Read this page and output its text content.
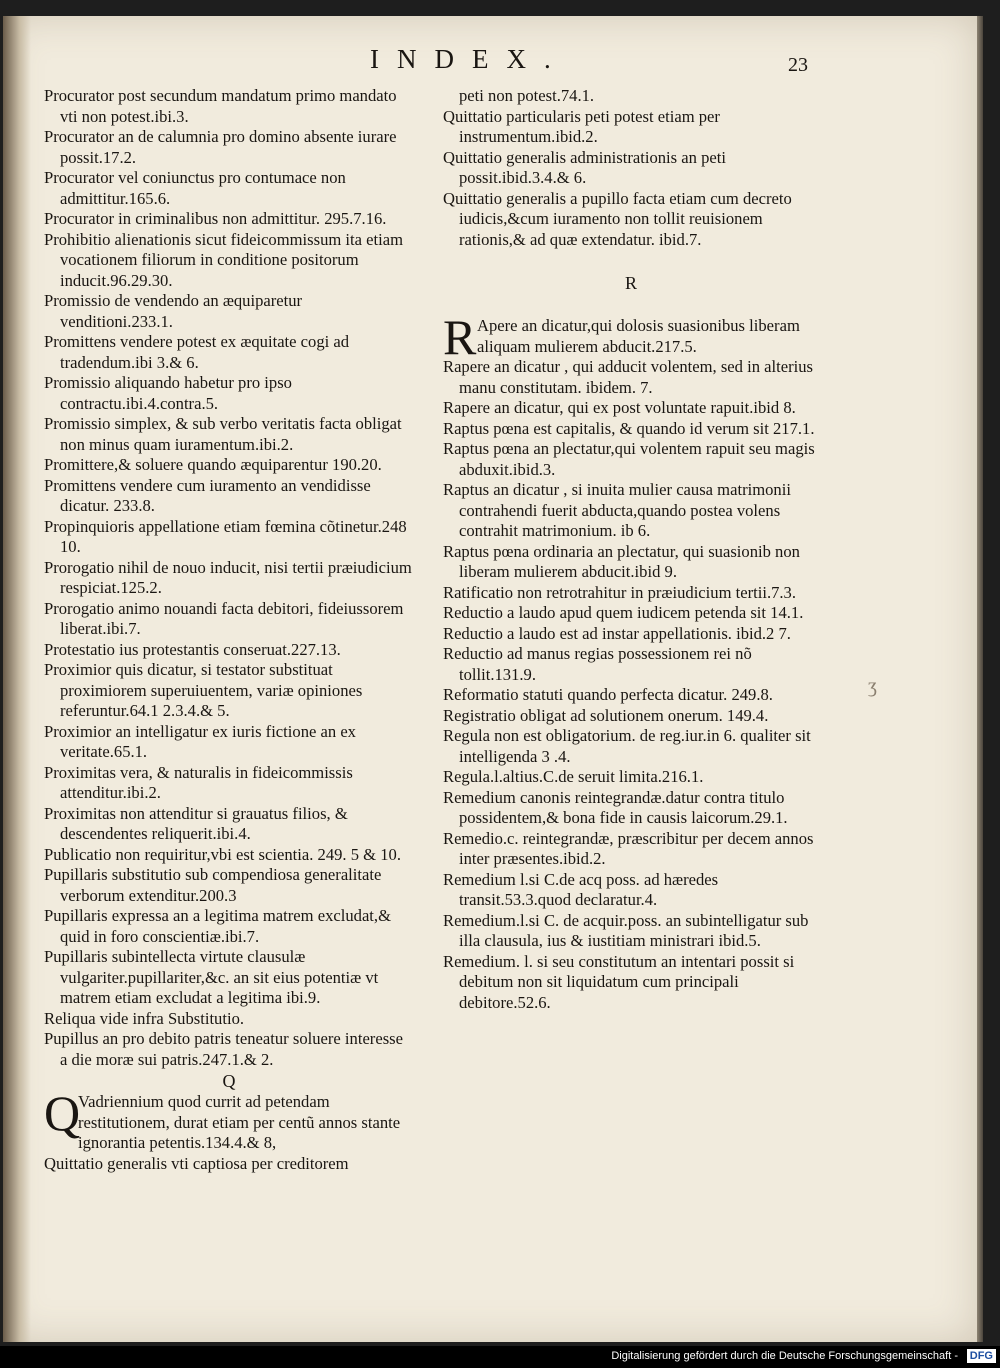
INDEX.	23
Procurator post secundum mandatum primo mandato vti non potest.ibi.3.
Procurator an de calumnia pro domino absente iurare possit.17.2.
Procurator vel coniunctus pro contumace non admittitur.165.6.
Procurator in criminalibus non admittitur. 295.7.16.
Prohibitio alienationis sicut fideicommissum ita etiam vocationem filiorum in conditione positorum inducit.96.29.30.
Promissio de vendendo an æquiparetur venditioni.233.1.
Promittens vendere potest ex æquitate cogi ad tradendum.ibi 3.& 6.
Promissio aliquando habetur pro ipso contractu.ibi.4.contra.5.
Promissio simplex, & sub verbo veritatis facta obligat non minus quam iuramentum.ibi.2.
Promittere,& soluere quando æquiparentur 190.20.
Promittens vendere cum iuramento an vendidisse dicatur. 233.8.
Propinquioris appellatione etiam fœmina cõtinetur.248 10.
Prorogatio nihil de nouo inducit, nisi tertii præiudicium respiciat.125.2.
Prorogatio animo nouandi facta debitori, fideiussorem liberat.ibi.7.
Protestatio ius protestantis conseruat.227.13.
Proximior quis dicatur, si testator substituat proximiorem superuiuentem, variæ opiniones referuntur.64.1 2.3.4.& 5.
Proximior an intelligatur ex iuris fictione an ex veritate.65.1.
Proximitas vera, & naturalis in fideicommissis attenditur.ibi.2.
Proximitas non attenditur si grauatus filios, & descendentes reliquerit.ibi.4.
Publicatio non requiritur,vbi est scientia. 249. 5 & 10.
Pupillaris substitutio sub compendiosa generalitate verborum extenditur.200.3
Pupillaris expressa an a legitima matrem excludat,& quid in foro conscientiæ.ibi.7.
Pupillaris subintellecta virtute clausulæ vulgariter.pupillariter,&c. an sit eius potentiæ vt matrem etiam excludat a legitima ibi.9.
Reliqua vide infra Substitutio.
Pupillus an pro debito patris teneatur soluere interesse a die moræ sui patris.247.1.& 2.
Q
Q
Vadriennium quod currit ad petendam restitutionem, durat etiam per centũ annos stante ignorantia petentis.134.4.& 8,
Quittatio generalis vti captiosa per creditorem
peti non potest.74.1.
Quittatio particularis peti potest etiam per instrumentum.ibid.2.
Quittatio generalis administrationis an peti possit.ibid.3.4.& 6.
Quittatio generalis a pupillo facta etiam cum decreto iudicis,&cum iuramento non tollit reuisionem rationis,& ad quæ extendatur. ibid.7.
R
R Apere an dicatur,qui dolosis suasionibus liberam aliquam mulierem abducit.217.5.
Rapere an dicatur , qui adducit volentem, sed in alterius manu constitutam. ibidem. 7.
Rapere an dicatur, qui ex post voluntate rapuit.ibid 8.
Raptus pœna est capitalis, & quando id verum sit 217.1.
Raptus pœna an plectatur,qui volentem rapuit seu magis abduxit.ibid.3.
Raptus an dicatur , si inuita mulier causa matrimonii contrahendi fuerit abducta,quando postea volens contrahit matrimonium. ib 6.
Raptus pœna ordinaria an plectatur, qui suasionib non liberam mulierem abducit.ibid 9.
Ratificatio non retrotrahitur in præiudicium tertii.7.3.
Reductio a laudo apud quem iudicem petenda sit 14.1.
Reductio a laudo est ad instar appellationis. ibid.2 7.
Reductio ad manus regias possessionem rei nõ tollit.131.9.
Reformatio statuti quando perfecta dicatur. 249.8.
Registratio obligat ad solutionem onerum. 149.4.
Regula non est obligatorium. de reg.iur.in 6. qualiter sit intelligenda 3 .4.
Regula.l.altius.C.de seruit limita.216.1.
Remedium canonis reintegrandæ.datur contra titulo possidentem,& bona fide in causis laicorum.29.1.
Remedio.c. reintegrandæ, præscribitur per decem annos inter præsentes.ibid.2.
Remedium l.si C.de acq poss. ad hæredes transit.53.3.quod declaratur.4.
Remedium.l.si C. de acquir.poss. an subintelligatur sub illa clausula, ius & iustitiam ministrari ibid.5.
Remedium. l. si seu constitutum an intentari possit si debitum non sit liquidatum cum principali debitore.52.6.
ʒ
Digitalisierung gefördert durch die Deutsche Forschungsgemeinschaft - DFG
